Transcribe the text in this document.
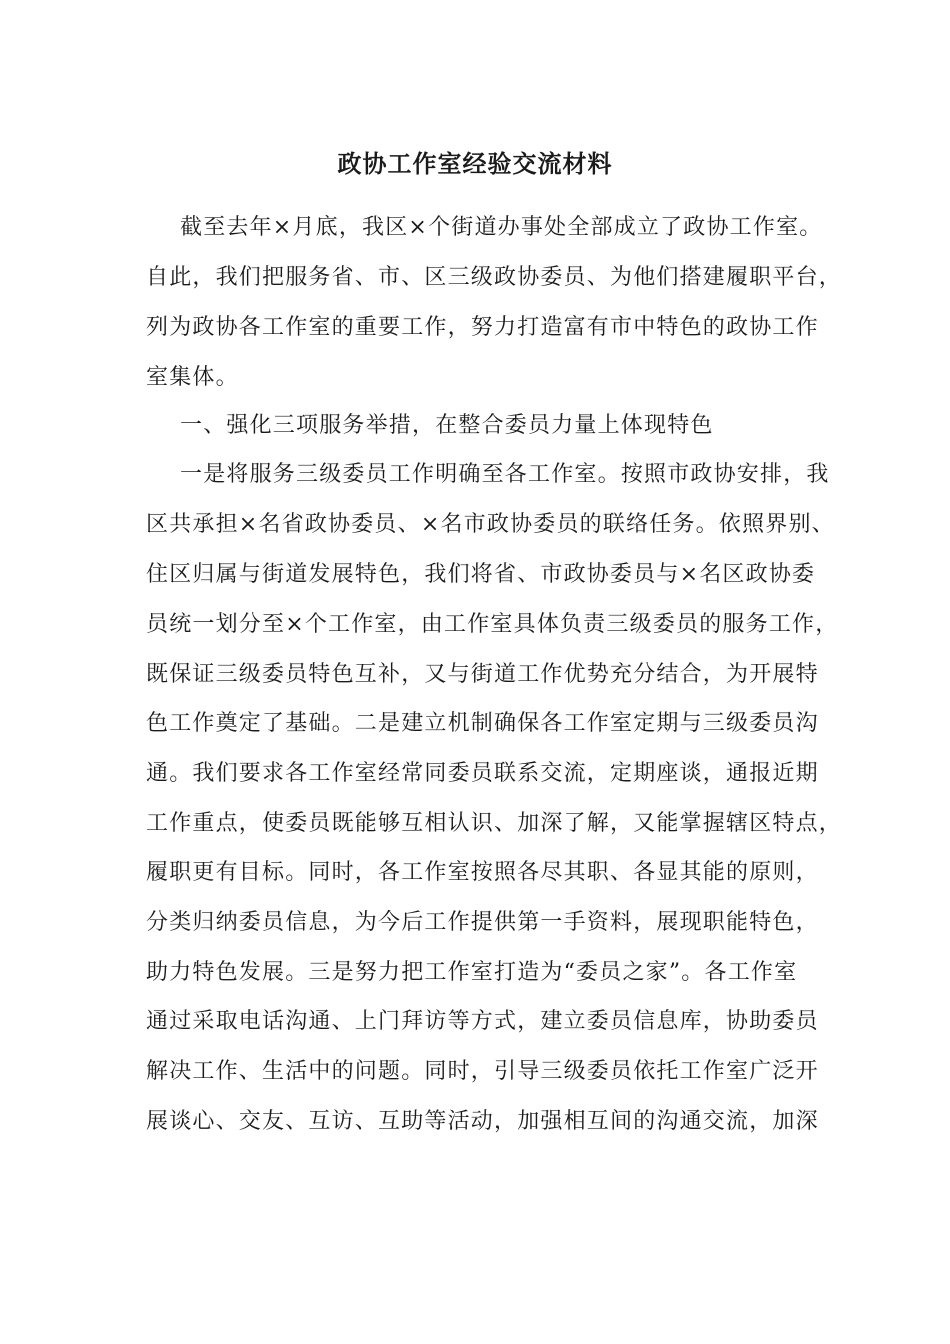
政协工作室经验交流材料
截至去年×月底，我区×个街道办事处全部成立了政协工作室。
自此，我们把服务省、市、区三级政协委员、为他们搭建履职平台，
列为政协各工作室的重要工作，努力打造富有市中特色的政协工作
室集体。
一、强化三项服务举措，在整合委员力量上体现特色
一是将服务三级委员工作明确至各工作室。按照市政协安排，我
区共承担×名省政协委员、×名市政协委员的联络任务。依照界别、
住区归属与街道发展特色，我们将省、市政协委员与×名区政协委
员统一划分至×个工作室，由工作室具体负责三级委员的服务工作，
既保证三级委员特色互补，又与街道工作优势充分结合，为开展特
色工作奠定了基础。二是建立机制确保各工作室定期与三级委员沟
通。我们要求各工作室经常同委员联系交流，定期座谈，通报近期
工作重点，使委员既能够互相认识、加深了解，又能掌握辖区特点，
履职更有目标。同时，各工作室按照各尽其职、各显其能的原则，
分类归纳委员信息，为今后工作提供第一手资料，展现职能特色，
助力特色发展。三是努力把工作室打造为“委员之家”。各工作室
通过采取电话沟通、上门拜访等方式，建立委员信息库，协助委员
解决工作、生活中的问题。同时，引导三级委员依托工作室广泛开
展谈心、交友、互访、互助等活动，加强相互间的沟通交流，加深
